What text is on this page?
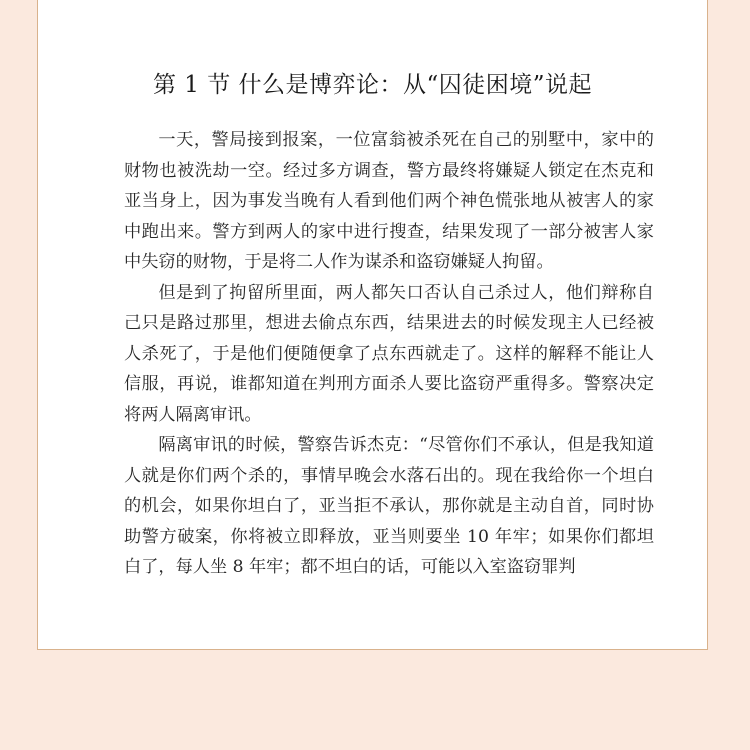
第 1 节 什么是博弈论：从“囚徒困境”说起

一天，警局接到报案，一位富翁被杀死在自己的别墅中，家中的财物也被洗劫一空。经过多方调查，警方最终将嫌疑人锁定在杰克和亚当身上，因为事发当晚有人看到他们两个神色慌张地从被害人的家中跑出来。警方到两人的家中进行搜查，结果发现了一部分被害人家中失窃的财物，于是将二人作为谋杀和盗窃嫌疑人拘留。

但是到了拘留所里面，两人都矢口否认自己杀过人，他们辩称自己只是路过那里，想进去偷点东西，结果进去的时候发现主人已经被人杀死了，于是他们便随便拿了点东西就走了。这样的解释不能让人信服，再说，谁都知道在判刑方面杀人要比盗窃严重得多。警察决定将两人隔离审讯。

隔离审讯的时候，警察告诉杰克：“尽管你们不承认，但是我知道人就是你们两个杀的，事情早晚会水落石出的。现在我给你一个坦白的机会，如果你坦白了，亚当拒不承认，那你就是主动自首，同时协助警方破案，你将被立即释放，亚当则要坐 10 年牢；如果你们都坦白了，每人坐 8 年牢；都不坦白的话，可能以入室盗窃罪判
